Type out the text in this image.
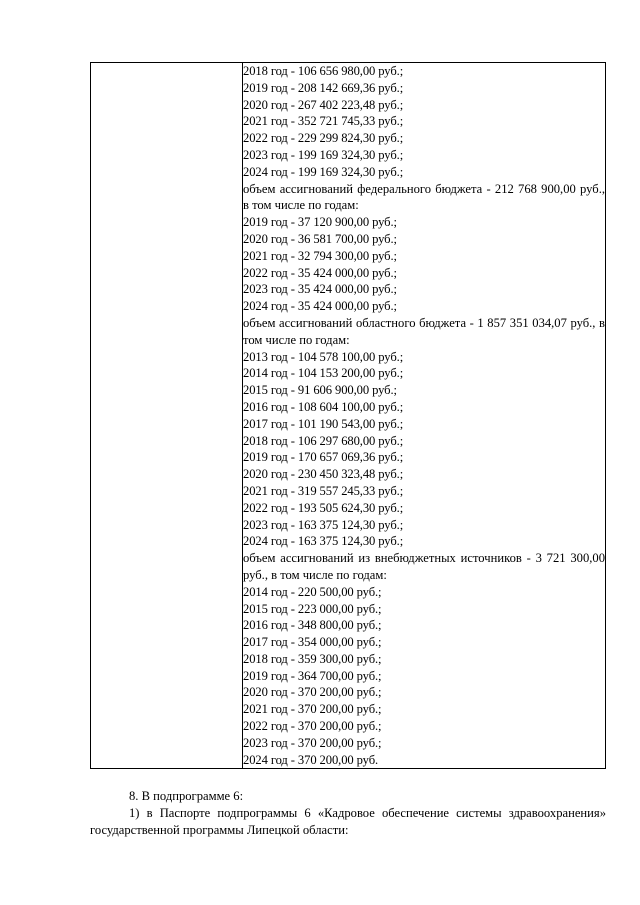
2018 год - 106 656 980,00 руб.;
2019 год - 208 142 669,36 руб.;
2020 год - 267 402 223,48 руб.;
2021 год - 352 721 745,33 руб.;
2022 год - 229 299 824,30 руб.;
2023 год - 199 169 324,30 руб.;
2024 год - 199 169 324,30 руб.;
объем ассигнований федерального бюджета - 212 768 900,00 руб., в том числе по годам:
2019 год - 37 120 900,00 руб.;
2020 год - 36 581 700,00 руб.;
2021 год - 32 794 300,00 руб.;
2022 год - 35 424 000,00 руб.;
2023 год - 35 424 000,00 руб.;
2024 год - 35 424 000,00 руб.;
объем ассигнований областного бюджета - 1 857 351 034,07 руб., в том числе по годам:
2013 год - 104 578 100,00 руб.;
2014 год - 104 153 200,00 руб.;
2015 год - 91 606 900,00 руб.;
2016 год - 108 604 100,00 руб.;
2017 год - 101 190 543,00 руб.;
2018 год - 106 297 680,00 руб.;
2019 год - 170 657 069,36 руб.;
2020 год - 230 450 323,48 руб.;
2021 год - 319 557 245,33 руб.;
2022 год - 193 505 624,30 руб.;
2023 год - 163 375 124,30 руб.;
2024 год - 163 375 124,30 руб.;
объем ассигнований из внебюджетных источников - 3 721 300,00 руб., в том числе по годам:
2014 год - 220 500,00 руб.;
2015 год - 223 000,00 руб.;
2016 год - 348 800,00 руб.;
2017 год - 354 000,00 руб.;
2018 год - 359 300,00 руб.;
2019 год - 364 700,00 руб.;
2020 год - 370 200,00 руб.;
2021 год - 370 200,00 руб.;
2022 год - 370 200,00 руб.;
2023 год - 370 200,00 руб.;
2024 год - 370 200,00 руб.

8. В подпрограмме 6:

1) в Паспорте подпрограммы 6 «Кадровое обеспечение системы здравоохранения» государственной программы Липецкой области:
